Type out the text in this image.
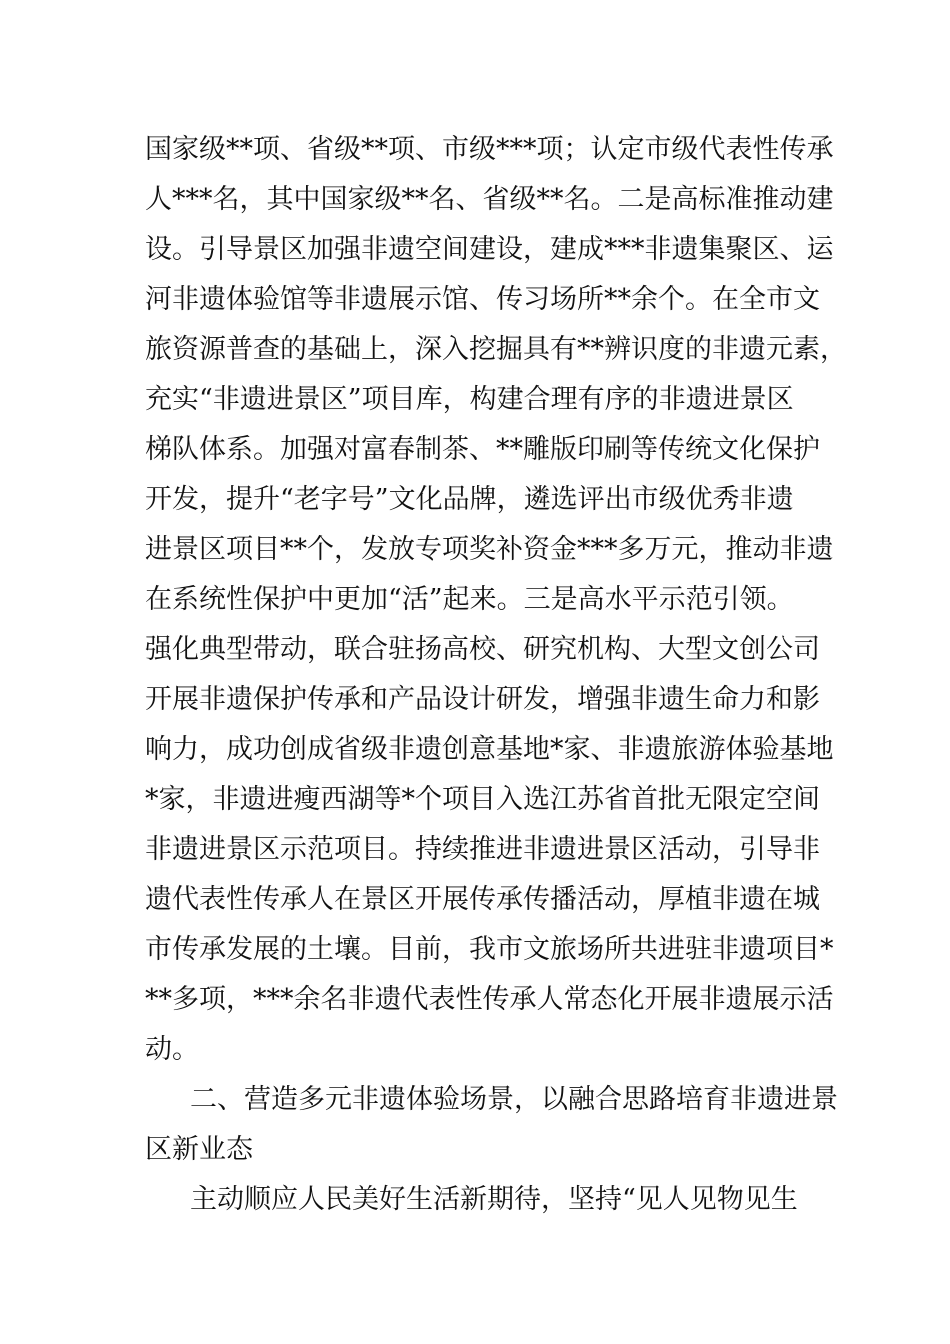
国家级**项、省级**项、市级***项；认定市级代表性传承
人***名，其中国家级**名、省级**名。二是高标准推动建
设。引导景区加强非遗空间建设，建成***非遗集聚区、运
河非遗体验馆等非遗展示馆、传习场所**余个。在全市文
旅资源普查的基础上，深入挖掘具有**辨识度的非遗元素，
充实“非遗进景区”项目库，构建合理有序的非遗进景区
梯队体系。加强对富春制茶、**雕版印刷等传统文化保护
开发，提升“老字号”文化品牌，遴选评出市级优秀非遗
进景区项目**个，发放专项奖补资金***多万元，推动非遗
在系统性保护中更加“活”起来。三是高水平示范引领。
强化典型带动，联合驻扬高校、研究机构、大型文创公司
开展非遗保护传承和产品设计研发，增强非遗生命力和影
响力，成功创成省级非遗创意基地*家、非遗旅游体验基地
*家，非遗进瘦西湖等*个项目入选江苏省首批无限定空间
非遗进景区示范项目。持续推进非遗进景区活动，引导非
遗代表性传承人在景区开展传承传播活动，厚植非遗在城
市传承发展的土壤。目前，我市文旅场所共进驻非遗项目*
**多项，***余名非遗代表性传承人常态化开展非遗展示活
动。
二、营造多元非遗体验场景，以融合思路培育非遗进景
区新业态
主动顺应人民美好生活新期待，坚持“见人见物见生
